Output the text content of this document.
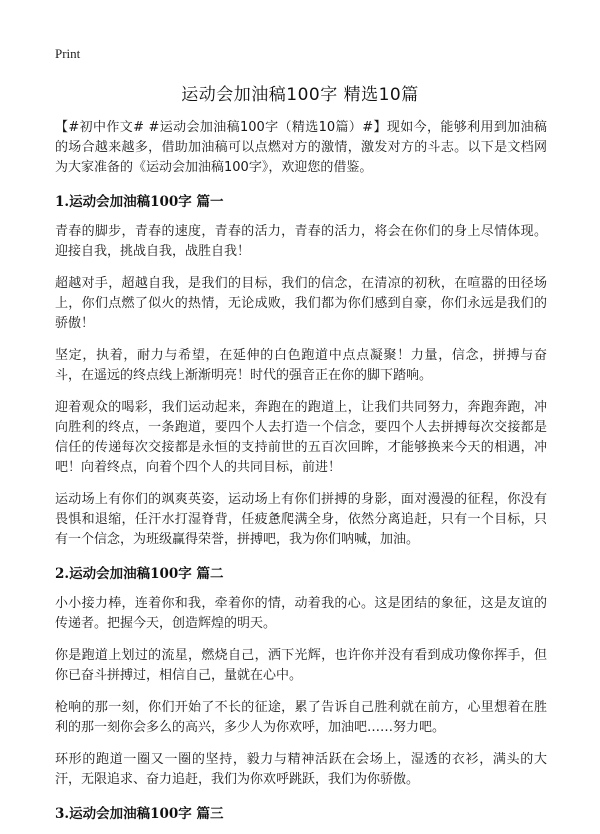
Print
运动会加油稿100字 精选10篇

【#初中作文# #运动会加油稿100字（精选10篇）#】现如今，能够利用到加油稿的场合越来越多，借助加油稿可以点燃对方的激情，激发对方的斗志。以下是文档网为大家准备的《运动会加油稿100字》，欢迎您的借鉴。

1.运动会加油稿100字 篇一

青春的脚步，青春的速度，青春的活力，青春的活力，将会在你们的身上尽情体现。迎接自我，挑战自我，战胜自我！

超越对手，超越自我，是我们的目标，我们的信念，在清凉的初秋，在喧嚣的田径场上，你们点燃了似火的热情，无论成败，我们都为你们感到自豪，你们永远是我们的骄傲！

坚定，执着，耐力与希望，在延伸的白色跑道中点点凝聚！力量，信念，拼搏与奋斗，在遥远的终点线上渐渐明亮！时代的强音正在你的脚下踏响。

迎着观众的喝彩，我们运动起来，奔跑在的跑道上，让我们共同努力，奔跑奔跑，冲向胜利的终点，一条跑道，要四个人去打造一个信念，要四个人去拼搏每次交接都是信任的传递每次交接都是永恒的支持前世的五百次回眸，才能够换来今天的相遇，冲吧！向着终点，向着个四个人的共同目标，前进！

运动场上有你们的飒爽英姿，运动场上有你们拼搏的身影，面对漫漫的征程，你没有畏惧和退缩，任汗水打湿脊背，任疲惫爬满全身，依然分离追赶，只有一个目标，只有一个信念，为班级赢得荣誉，拼搏吧，我为你们呐喊，加油。

2.运动会加油稿100字 篇二

小小接力棒，连着你和我，牵着你的情，动着我的心。这是团结的象征，这是友谊的传递者。把握今天，创造辉煌的明天。

你是跑道上划过的流星，燃烧自己，洒下光辉，也许你并没有看到成功像你挥手，但你已奋斗拼搏过，相信自己，量就在心中。

枪响的那一刻，你们开始了不长的征途，累了告诉自己胜利就在前方，心里想着在胜利的那一刻你会多么的高兴，多少人为你欢呼，加油吧……努力吧。

环形的跑道一圈又一圈的坚持，毅力与精神活跃在会场上，湿透的衣衫，满头的大汗，无限追求、奋力追赶，我们为你欢呼跳跃，我们为你骄傲。

3.运动会加油稿100字 篇三
